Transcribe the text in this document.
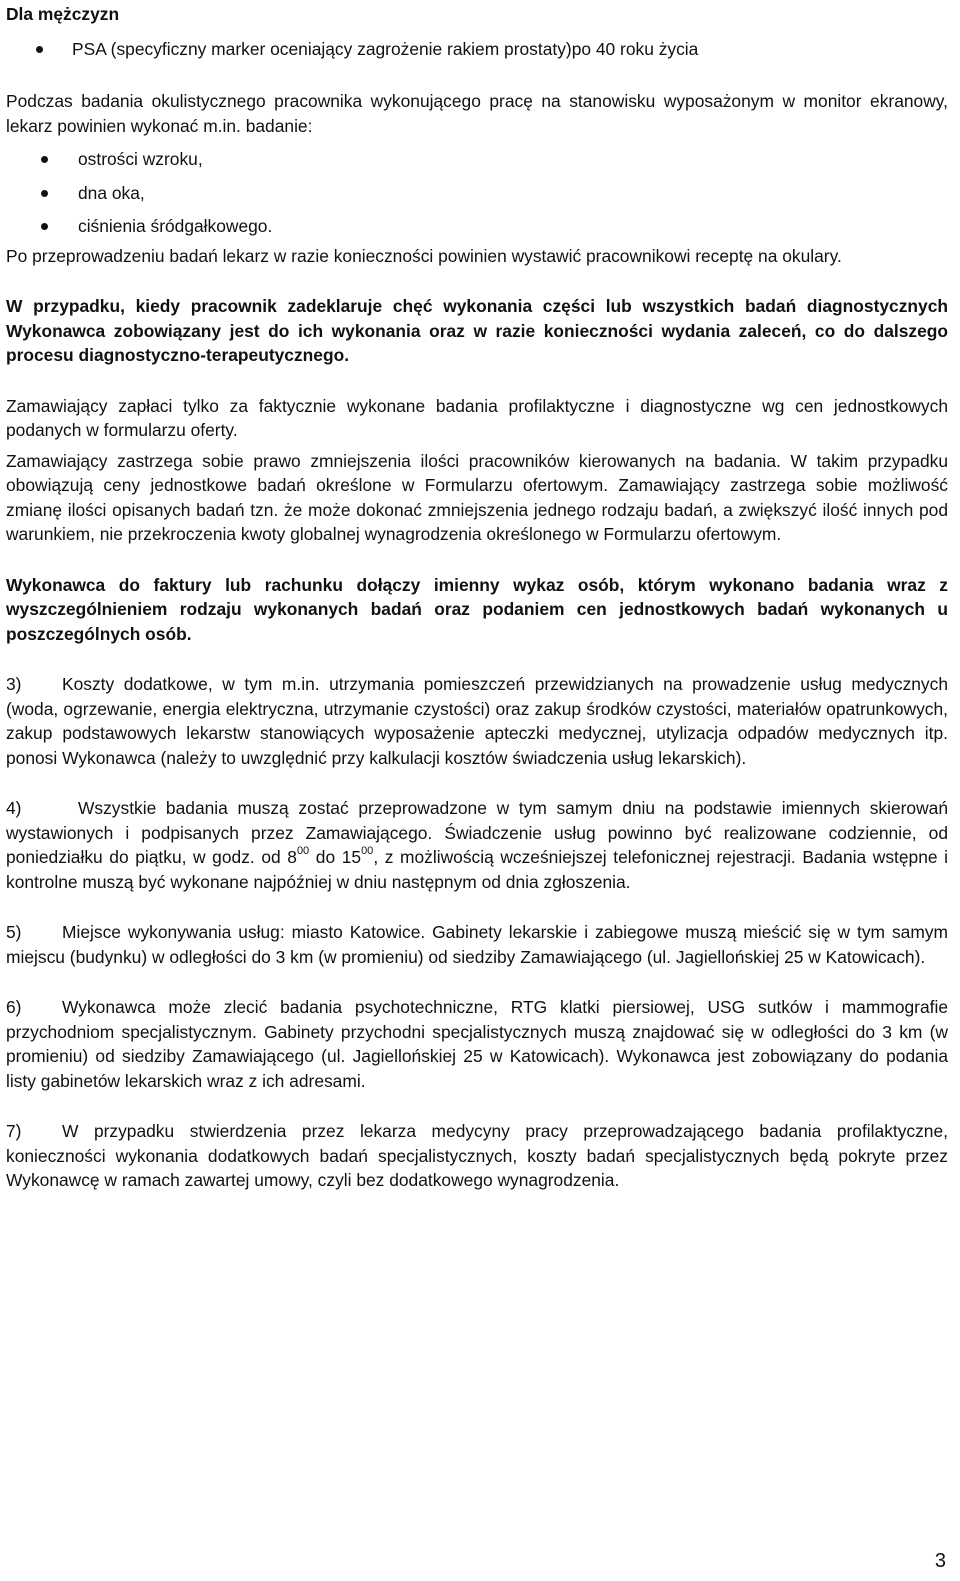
Dla mężczyzn

PSA (specyficzny marker oceniający zagrożenie rakiem prostaty)po 40 roku życia

Podczas badania okulistycznego pracownika wykonującego pracę na stanowisku wyposażonym w monitor ekranowy, lekarz powinien wykonać m.in. badanie:

ostrości wzroku,
dna oka,
ciśnienia śródgałkowego.

Po przeprowadzeniu badań lekarz w razie konieczności powinien wystawić pracownikowi receptę na okulary.

W przypadku, kiedy pracownik zadeklaruje chęć wykonania części lub wszystkich badań diagnostycznych Wykonawca zobowiązany jest do ich wykonania oraz w razie konieczności wydania zaleceń, co do dalszego procesu diagnostyczno-terapeutycznego.

Zamawiający zapłaci tylko za faktycznie wykonane badania profilaktyczne i diagnostyczne wg cen jednostkowych podanych w formularzu oferty.

Zamawiający zastrzega sobie prawo zmniejszenia ilości pracowników kierowanych na badania. W takim przypadku obowiązują ceny jednostkowe badań określone w Formularzu ofertowym. Zamawiający zastrzega sobie możliwość zmianę ilości opisanych badań tzn. że może dokonać zmniejszenia jednego rodzaju badań, a zwiększyć ilość innych pod warunkiem, nie przekroczenia kwoty globalnej wynagrodzenia określonego w Formularzu ofertowym.

Wykonawca do faktury lub rachunku dołączy imienny wykaz osób, którym wykonano badania wraz z wyszczególnieniem rodzaju wykonanych badań oraz podaniem cen jednostkowych badań wykonanych u poszczególnych osób.

3) Koszty dodatkowe, w tym m.in. utrzymania pomieszczeń przewidzianych na prowadzenie usług medycznych (woda, ogrzewanie, energia elektryczna, utrzymanie czystości) oraz zakup środków czystości, materiałów opatrunkowych, zakup podstawowych lekarstw stanowiących wyposażenie apteczki medycznej, utylizacja odpadów medycznych itp. ponosi Wykonawca (należy to uwzględnić przy kalkulacji kosztów świadczenia usług lekarskich).

4)	Wszystkie badania muszą zostać przeprowadzone w tym samym dniu na podstawie imiennych skierowań wystawionych i podpisanych przez Zamawiającego. Świadczenie usług powinno być realizowane codziennie, od poniedziałku do piątku, w godz. od $8^{00}$ do $15^{00}$, z możliwością wcześniejszej telefonicznej rejestracji. Badania wstępne i kontrolne muszą być wykonane najpóźniej w dniu następnym od dnia zgłoszenia.

5) Miejsce wykonywania usług: miasto Katowice. Gabinety lekarskie i zabiegowe muszą mieścić się w tym samym miejscu (budynku) w odległości do 3 km (w promieniu) od siedziby Zamawiającego (ul. Jagiellońskiej 25 w Katowicach).

6) Wykonawca może zlecić badania psychotechniczne, RTG klatki piersiowej, USG sutków i mammografie przychodniom specjalistycznym. Gabinety przychodni specjalistycznych muszą znajdować się w odległości do 3 km (w promieniu) od siedziby Zamawiającego (ul. Jagiellońskiej 25 w Katowicach). Wykonawca jest zobowiązany do podania listy gabinetów lekarskich wraz z ich adresami.

7) W przypadku stwierdzenia przez lekarza medycyny pracy przeprowadzającego badania profilaktyczne, konieczności wykonania dodatkowych badań specjalistycznych, koszty badań specjalistycznych będą pokryte przez Wykonawcę w ramach zawartej umowy, czyli bez dodatkowego wynagrodzenia.

3
